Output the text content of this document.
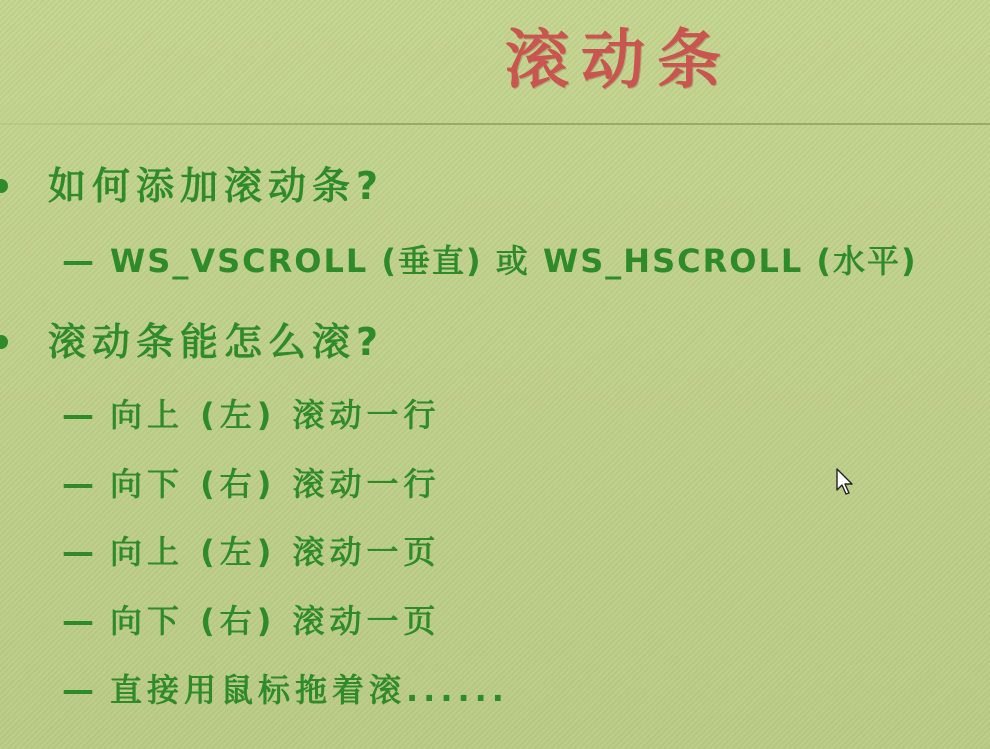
滚动条
如何添加滚动条?
— WS_VSCROLL (垂直) 或 WS_HSCROLL (水平)
滚动条能怎么滚?
— 向上 (左) 滚动一行
— 向下 (右) 滚动一行
— 向上 (左) 滚动一页
— 向下 (右) 滚动一页
— 直接用鼠标拖着滚......
